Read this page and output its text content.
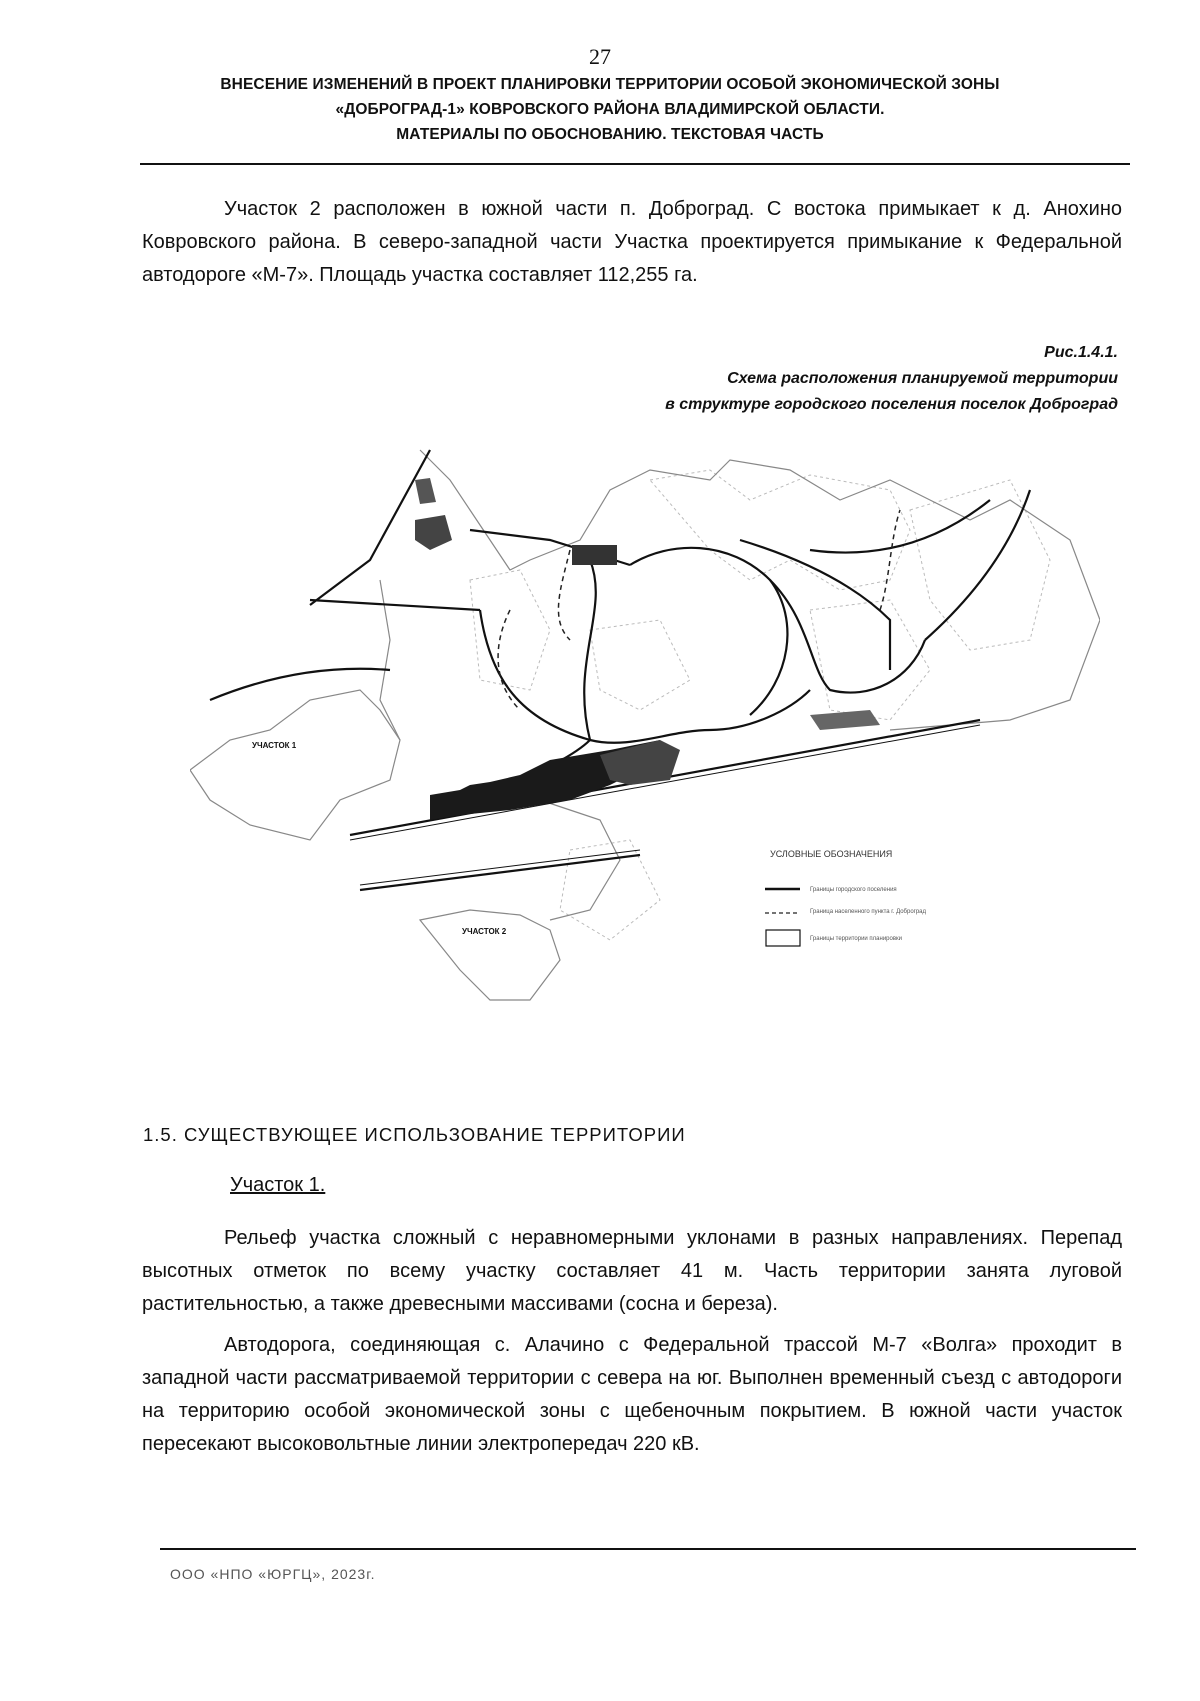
27
ВНЕСЕНИЕ ИЗМЕНЕНИЙ В ПРОЕКТ ПЛАНИРОВКИ ТЕРРИТОРИИ ОСОБОЙ ЭКОНОМИЧЕСКОЙ ЗОНЫ
«ДОБРОГРАД-1» КОВРОВСКОГО РАЙОНА ВЛАДИМИРСКОЙ ОБЛАСТИ.
МАТЕРИАЛЫ ПО ОБОСНОВАНИЮ. ТЕКСТОВАЯ ЧАСТЬ
Участок 2 расположен в южной части п. Доброград. С востока примыкает к д. Анохино Ковровского района. В северо-западной части Участка проектируется примыкание к Федеральной автодороге «М-7». Площадь участка составляет 112,255 га.
Рис.1.4.1.
Схема расположения планируемой территории
в структуре городского поселения поселок Доброград
УЧАСТОК 1
УЧАСТОК 2
УСЛОВНЫЕ ОБОЗНАЧЕНИЯ
Границы городского поселения
Граница населенного пункта г. Доброград
Границы территории планировки
1.5. СУЩЕСТВУЮЩЕЕ ИСПОЛЬЗОВАНИЕ ТЕРРИТОРИИ
Участок 1.
Рельеф участка сложный с неравномерными уклонами в разных направлениях. Перепад высотных отметок по всему участку составляет 41 м. Часть территории занята луговой растительностью, а также древесными массивами (сосна и береза).
Автодорога, соединяющая с. Алачино с Федеральной трассой М-7 «Волга» проходит в западной части рассматриваемой территории с севера на юг. Выполнен временный съезд с автодороги на территорию особой экономической зоны с щебеночным покрытием. В южной части участок пересекают высоковольтные линии электропередач 220 кВ.
ООО «НПО «ЮРГЦ», 2023г.
